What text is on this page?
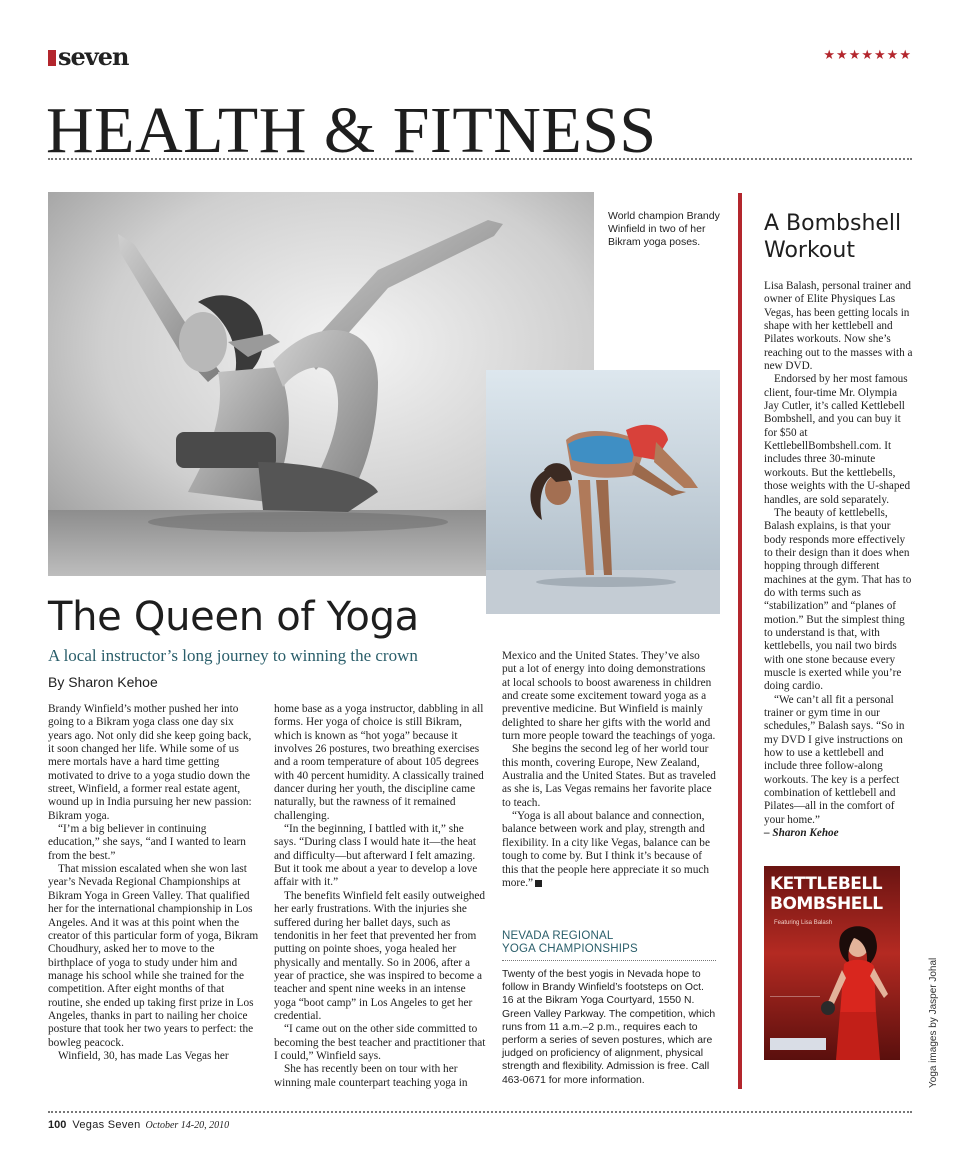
seven	★★★★★★★
HEALTH & FITNESS
World champion Brandy Winfield in two of her Bikram yoga poses.
The Queen of Yoga
A local instructor’s long journey to winning the crown
By Sharon Kehoe

Brandy Winfield’s mother pushed her into going to a Bikram yoga class one day six years ago. Not only did she keep going back, it soon changed her life. While some of us mere mortals have a hard time getting motivated to drive to a yoga studio down the street, Winfield, a former real estate agent, wound up in India pursuing her new passion: Bikram yoga.

“I’m a big believer in continuing education,” she says, “and I wanted to learn from the best.”

That mission escalated when she won last year’s Nevada Regional Championships at Bikram Yoga in Green Valley. That qualified her for the international championship in Los Angeles. And it was at this point when the creator of this particular form of yoga, Bikram Choudhury, asked her to move to the birthplace of yoga to study under him and manage his school while she trained for the competition. After eight months of that routine, she ended up taking first prize in Los Angeles, thanks in part to nailing her choice posture that took her two years to perfect: the bowleg peacock.

Winfield, 30, has made Las Vegas her

home base as a yoga instructor, dabbling in all forms. Her yoga of choice is still Bikram, which is known as “hot yoga” because it involves 26 postures, two breathing exercises and a room temperature of about 105 degrees with 40 percent humidity. A classically trained dancer during her youth, the discipline came naturally, but the rawness of it remained challenging.

“In the beginning, I battled with it,” she says. “During class I would hate it—the heat and difficulty—but afterward I felt amazing. But it took me about a year to develop a love affair with it.”

The benefits Winfield felt easily outweighed her early frustrations. With the injuries she suffered during her ballet days, such as tendonitis in her feet that prevented her from putting on pointe shoes, yoga healed her physically and mentally. So in 2006, after a year of practice, she was inspired to become a teacher and spent nine weeks in an intense yoga “boot camp” in Los Angeles to get her credential.

“I came out on the other side committed to becoming the best teacher and practitioner that I could,” Winfield says.

She has recently been on tour with her winning male counterpart teaching yoga in

Mexico and the United States. They’ve also put a lot of energy into doing demonstrations at local schools to boost awareness in children and create some excitement toward yoga as a preventive medicine. But Winfield is mainly delighted to share her gifts with the world and turn more people toward the teachings of yoga.

She begins the second leg of her world tour this month, covering Europe, New Zealand, Australia and the United States. But as traveled as she is, Las Vegas remains her favorite place to teach.

“Yoga is all about balance and connection, balance between work and play, strength and flexibility. In a city like Vegas, balance can be tough to come by. But I think it’s because of this that the people here appreciate it so much more.”

NEVADA REGIONAL
YOGA CHAMPIONSHIPS
Twenty of the best yogis in Nevada hope to follow in Brandy Winfield’s footsteps on Oct. 16 at the Bikram Yoga Courtyard, 1550 N. Green Valley Parkway. The competition, which runs from 11 a.m.–2 p.m., requires each to perform a series of seven postures, which are judged on proficiency of alignment, physical strength and flexibility. Admission is free. Call 463-0671 for more information.
A Bombshell
Workout

Lisa Balash, personal trainer and owner of Elite Physiques Las Vegas, has been getting locals in shape with her kettlebell and Pilates workouts. Now she’s reaching out to the masses with a new DVD.

Endorsed by her most famous client, four-time Mr. Olympia Jay Cutler, it’s called Kettlebell Bombshell, and you can buy it for $50 at KettlebellBombshell.com. It includes three 30-minute workouts. But the kettlebells, those weights with the U-shaped handles, are sold separately.

The beauty of kettlebells, Balash explains, is that your body responds more effectively to their design than it does when hopping through different machines at the gym. That has to do with terms such as “stabilization” and “planes of motion.” But the simplest thing to understand is that, with kettlebells, you nail two birds with one stone because every muscle is exerted while you’re doing cardio.

“We can’t all fit a personal trainer or gym time in our schedules,” Balash says. “So in my DVD I give instructions on how to use a kettlebell and include three follow-along workouts. The key is a perfect combination of kettlebell and Pilates—all in the comfort of your home.”

– Sharon Kehoe

KETTLEBELL
BOMBSHELL
Featuring Lisa Balash
Yoga images by Jasper Johal
100 Vegas Seven October 14-20, 2010
